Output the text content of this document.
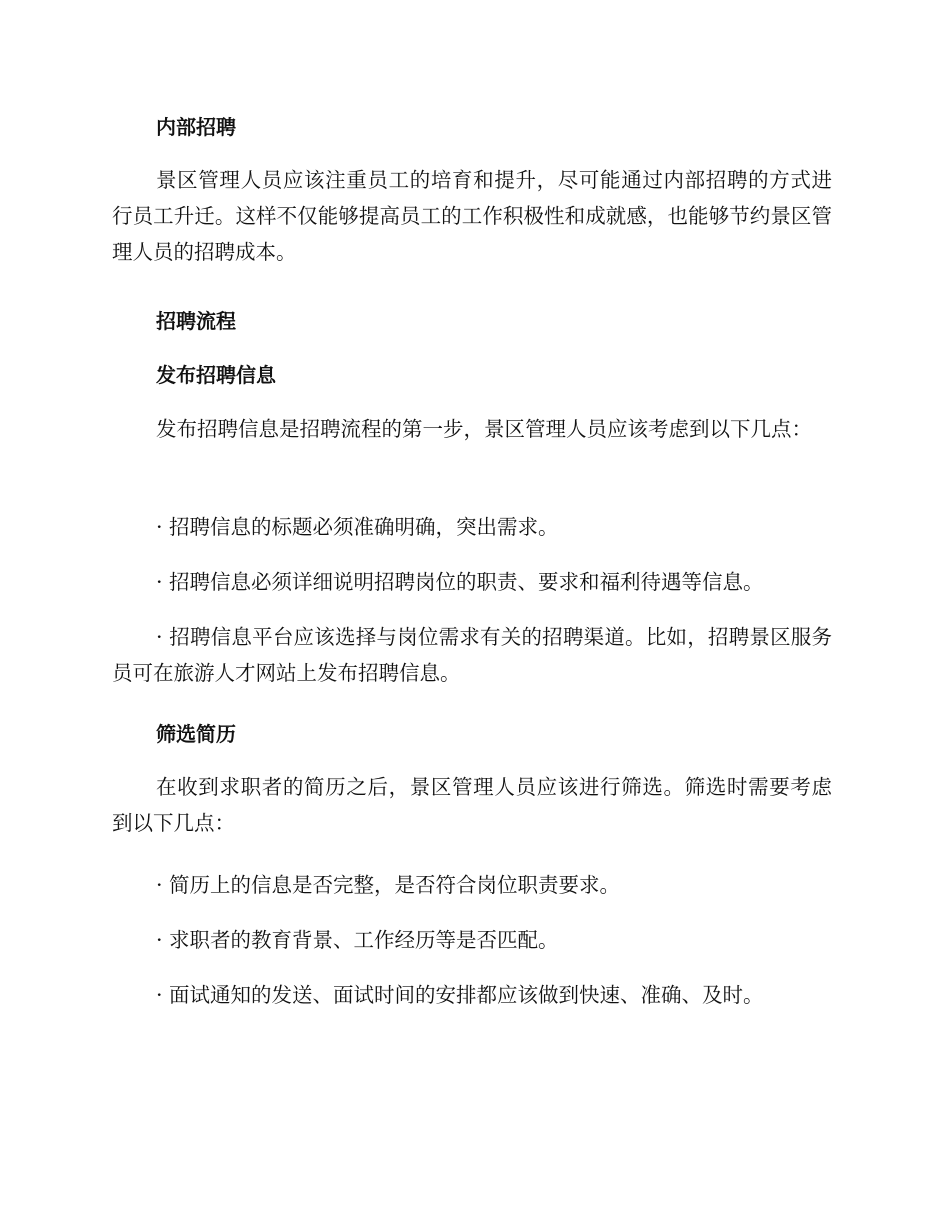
内部招聘

景区管理人员应该注重员工的培育和提升，尽可能通过内部招聘的方式进行员工升迁。这样不仅能够提高员工的工作积极性和成就感，也能够节约景区管理人员的招聘成本。

招聘流程
发布招聘信息

发布招聘信息是招聘流程的第一步，景区管理人员应该考虑到以下几点：

· 招聘信息的标题必须准确明确，突出需求。

· 招聘信息必须详细说明招聘岗位的职责、要求和福利待遇等信息。

· 招聘信息平台应该选择与岗位需求有关的招聘渠道。比如，招聘景区服务员可在旅游人才网站上发布招聘信息。

筛选简历

在收到求职者的简历之后，景区管理人员应该进行筛选。筛选时需要考虑到以下几点：

· 简历上的信息是否完整，是否符合岗位职责要求。

· 求职者的教育背景、工作经历等是否匹配。

· 面试通知的发送、面试时间的安排都应该做到快速、准确、及时。
